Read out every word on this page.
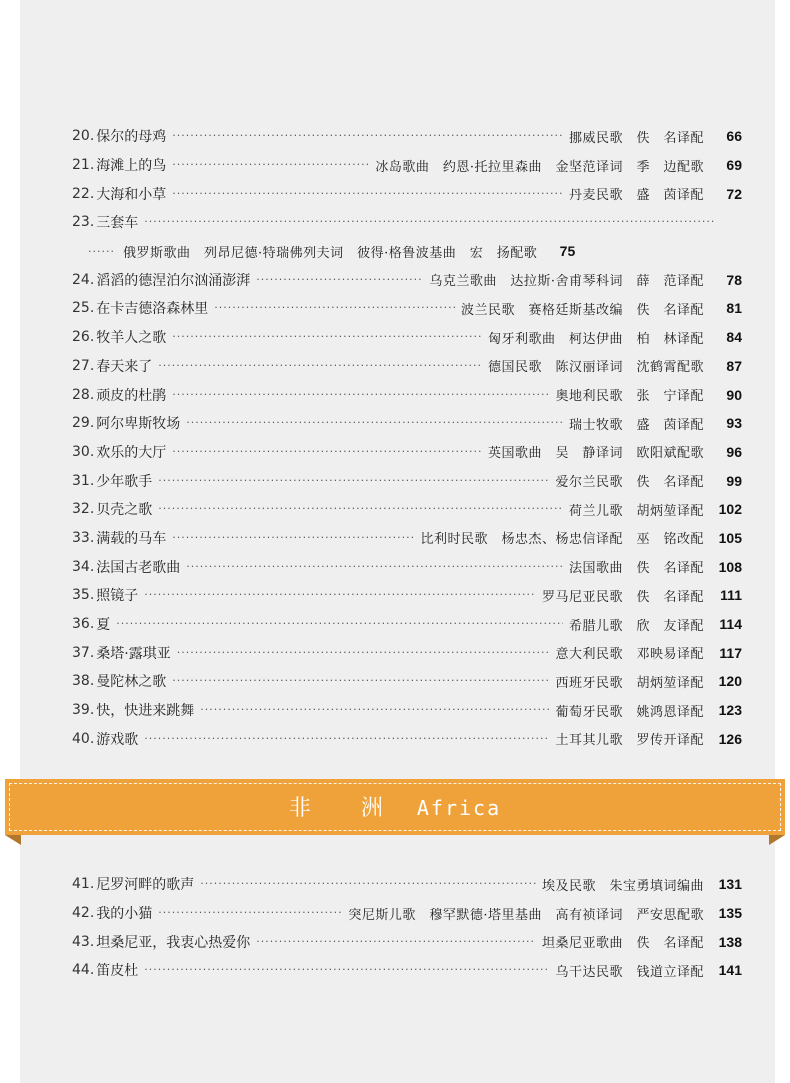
20. 保尔的母鸡 ·····	挪威民歌　佚　名译配	66
21. 海滩上的鸟 ·····	冰岛歌曲　约恩·托拉里森曲　金坚范译词　季　边配歌	69
22. 大海和小草 ·····	丹麦民歌　盛　茵译配	72
23. 三套车
·····
······ 俄罗斯歌曲　列昂尼德·特瑞佛列夫词　彼得·格鲁波基曲　宏　扬配歌	75
24. 滔滔的德涅泊尔汹涌澎湃 ·····	乌克兰歌曲　达拉斯·舍甫琴科词　薛　范译配	78
25. 在卡吉德洛森林里 ·····	波兰民歌　赛格廷斯基改编　佚　名译配	81
26. 牧羊人之歌 ·····	匈牙利歌曲　柯达伊曲　柏　林译配	84
27. 春天来了 ·····	德国民歌　陈汉丽译词　沈鹤霄配歌	87
28. 顽皮的杜鹃 ·····	奥地利民歌　张　宁译配	90
29. 阿尔卑斯牧场 ·····	瑞士牧歌　盛　茵译配	93
30. 欢乐的大厅 ·····	英国歌曲　吴　静译词　欧阳斌配歌	96
31. 少年歌手 ·····	爱尔兰民歌　佚　名译配	99
32. 贝壳之歌 ·····	荷兰儿歌　胡炳堃译配	102
33. 满载的马车 ·····	比利时民歌　杨忠杰、杨忠信译配　巫　铭改配	105
34. 法国古老歌曲 ·····	法国歌曲　佚　名译配	108
35. 照镜子 ·····	罗马尼亚民歌　佚　名译配	111
36. 夏 ·····	希腊儿歌　欣　友译配	114
37. 桑塔·露琪亚 ·····	意大利民歌　邓映易译配	117
38. 曼陀林之歌 ·····	西班牙民歌　胡炳堃译配	120
39. 快，快进来跳舞 ·····	葡萄牙民歌　姚鸿恩译配	123
40. 游戏歌 ·····	土耳其儿歌　罗传开译配	126
非　洲 Africa
41. 尼罗河畔的歌声 ·····	埃及民歌　朱宝勇填词编曲	131
42. 我的小猫 ·····	突尼斯儿歌　穆罕默德·塔里基曲　高有祯译词　严安思配歌	135
43. 坦桑尼亚，我衷心热爱你 ·····	坦桑尼亚歌曲　佚　名译配	138
44. 笛皮杜 ·····	乌干达民歌　钱道立译配	141
